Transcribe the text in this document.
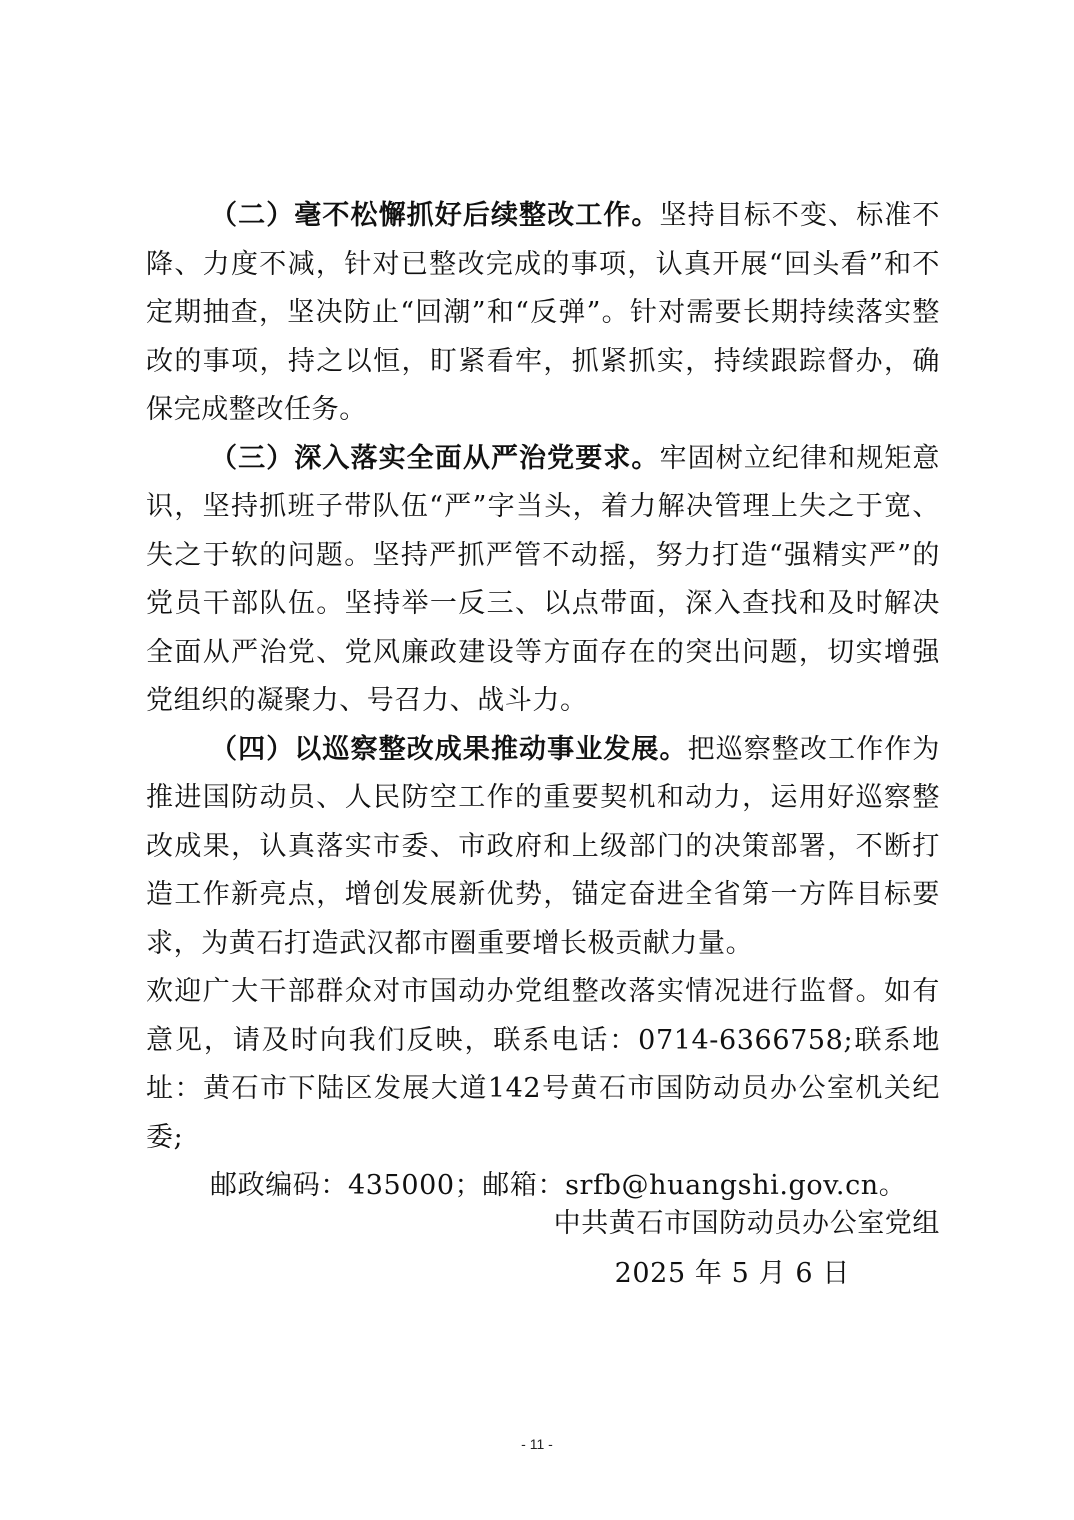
（二）毫不松懈抓好后续整改工作。坚持目标不变、标准不降、力度不减，针对已整改完成的事项，认真开展“回头看”和不定期抽查，坚决防止“回潮”和“反弹”。针对需要长期持续落实整改的事项，持之以恒，盯紧看牢，抓紧抓实，持续跟踪督办，确保完成整改任务。

（三）深入落实全面从严治党要求。牢固树立纪律和规矩意识，坚持抓班子带队伍“严”字当头，着力解决管理上失之于宽、失之于软的问题。坚持严抓严管不动摇，努力打造“强精实严”的党员干部队伍。坚持举一反三、以点带面，深入查找和及时解决全面从严治党、党风廉政建设等方面存在的突出问题，切实增强党组织的凝聚力、号召力、战斗力。

（四）以巡察整改成果推动事业发展。把巡察整改工作作为推进国防动员、人民防空工作的重要契机和动力，运用好巡察整改成果，认真落实市委、市政府和上级部门的决策部署，不断打造工作新亮点，增创发展新优势，锚定奋进全省第一方阵目标要求，为黄石打造武汉都市圈重要增长极贡献力量。

欢迎广大干部群众对市国动办党组整改落实情况进行监督。如有意见，请及时向我们反映，联系电话：0714-6366758;联系地址：黄石市下陆区发展大道142号黄石市国防动员办公室机关纪委;

邮政编码：435000；邮箱：srfb@huangshi.gov.cn。

中共黄石市国防动员办公室党组
2025 年 5 月 6 日
- 11 -
